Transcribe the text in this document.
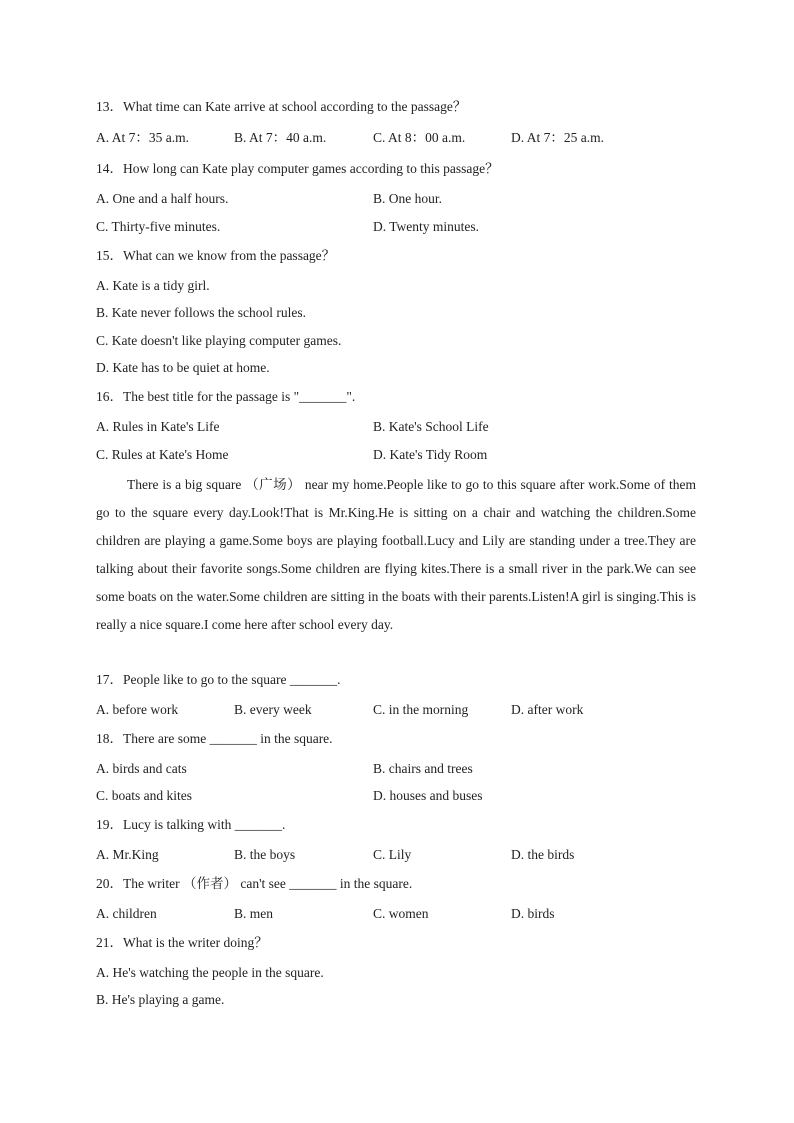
13．What time can Kate arrive at school according to the passage？
A. At 7：35 a.m.	B. At 7：40 a.m.	C. At 8：00 a.m.	D. At 7：25 a.m.
14．How long can Kate play computer games according to this passage？
A. One and a half hours.	B. One hour.
C. Thirty-five minutes.	D. Twenty minutes.
15．What can we know from the passage？
A. Kate is a tidy girl.
B. Kate never follows the school rules.
C. Kate doesn't like playing computer games.
D. Kate has to be quiet at home.
16．The best title for the passage is "_______".
A. Rules in Kate's Life	B. Kate's School Life
C. Rules at Kate's Home	D. Kate's Tidy Room
There is a big square （广场） near my home.People like to go to this square after work.Some of them go to the square every day.Look!That is Mr.King.He is sitting on a chair and watching the children.Some children are playing a game.Some boys are playing football.Lucy and Lily are standing under a tree.They are talking about their favorite songs.Some children are flying kites.There is a small river in the park.We can see some boats on the water.Some children are sitting in the boats with their parents.Listen!A girl is singing.This is really a nice square.I come here after school every day.
17．People like to go to the square _______.
A. before work	B. every week	C. in the morning	D. after work
18．There are some _______ in the square.
A. birds and cats	B. chairs and trees
C. boats and kites	D. houses and buses
19．Lucy is talking with _______.
A. Mr.King	B. the boys	C. Lily	D. the birds
20．The writer （作者） can't see _______ in the square.
A. children	B. men	C. women	D. birds
21．What is the writer doing？
A. He's watching the people in the square.
B. He's playing a game.
